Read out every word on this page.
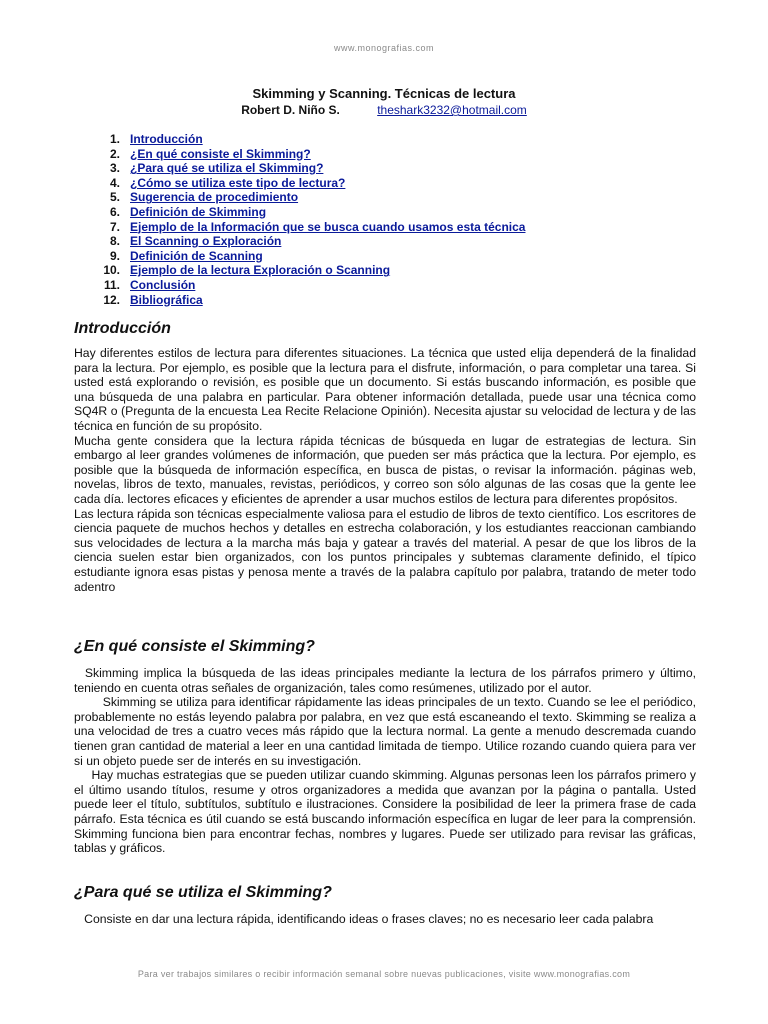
www.monografias.com
Skimming y Scanning. Técnicas de lectura
Robert D. Niño S.	theshark3232@hotmail.com
1.
Introducción
2.
¿En qué consiste el Skimming?
3.
¿Para qué se utiliza el Skimming?
4.
¿Cómo se utiliza este tipo de lectura?
5.
Sugerencia de procedimiento
6.
Definición de Skimming
7.
Ejemplo de la Información que se busca cuando usamos esta técnica
8.
El Scanning o Exploración
9.
Definición de Scanning
10.
Ejemplo de la lectura Exploración o Scanning
11.
Conclusión
12.
Bibliográfica
Introducción

Hay diferentes estilos de lectura para diferentes situaciones. La técnica que usted elija dependerá de la finalidad para la lectura. Por ejemplo, es posible que la lectura para el disfrute, información, o para completar una tarea. Si usted está explorando o revisión, es posible que un documento. Si estás buscando información, es posible que una búsqueda de una palabra en particular. Para obtener información detallada, puede usar una técnica como SQ4R o (Pregunta de la encuesta Lea Recite Relacione Opinión). Necesita ajustar su velocidad de lectura y de las técnica en función de su propósito.

Mucha gente considera que la lectura rápida técnicas de búsqueda en lugar de estrategias de lectura. Sin embargo al leer grandes volúmenes de información, que pueden ser más práctica que la lectura. Por ejemplo, es posible que la búsqueda de información específica, en busca de pistas, o revisar la información. páginas web, novelas, libros de texto, manuales, revistas, periódicos, y correo son sólo algunas de las cosas que la gente lee cada día. lectores eficaces y eficientes de aprender a usar muchos estilos de lectura para diferentes propósitos.

Las lectura rápida son técnicas especialmente valiosa para el estudio de libros de texto científico. Los escritores de ciencia paquete de muchos hechos y detalles en estrecha colaboración, y los estudiantes reaccionan cambiando sus velocidades de lectura a la marcha más baja y gatear a través del material. A pesar de que los libros de la ciencia suelen estar bien organizados, con los puntos principales y subtemas claramente definido, el típico estudiante ignora esas pistas y penosa mente a través de la palabra capítulo por palabra, tratando de meter todo adentro

¿En qué consiste el Skimming?

Skimming implica la búsqueda de las ideas principales mediante la lectura de los párrafos primero y último, teniendo en cuenta otras señales de organización, tales como resúmenes, utilizado por el autor.

Skimming se utiliza para identificar rápidamente las ideas principales de un texto. Cuando se lee el periódico, probablemente no estás leyendo palabra por palabra, en vez que está escaneando el texto. Skimming se realiza a una velocidad de tres a cuatro veces más rápido que la lectura normal. La gente a menudo descremada cuando tienen gran cantidad de material a leer en una cantidad limitada de tiempo. Utilice rozando cuando quiera para ver si un objeto puede ser de interés en su investigación.

Hay muchas estrategias que se pueden utilizar cuando skimming. Algunas personas leen los párrafos primero y el último usando títulos, resume y otros organizadores a medida que avanzan por la página o pantalla. Usted puede leer el título, subtítulos, subtítulo e ilustraciones. Considere la posibilidad de leer la primera frase de cada párrafo. Esta técnica es útil cuando se está buscando información específica en lugar de leer para la comprensión. Skimming funciona bien para encontrar fechas, nombres y lugares. Puede ser utilizado para revisar las gráficas, tablas y gráficos.

¿Para qué se utiliza el Skimming?

Consiste en dar una lectura rápida, identificando ideas o frases claves; no es necesario leer cada palabra

Para ver trabajos similares o recibir información semanal sobre nuevas publicaciones, visite www.monografias.com
